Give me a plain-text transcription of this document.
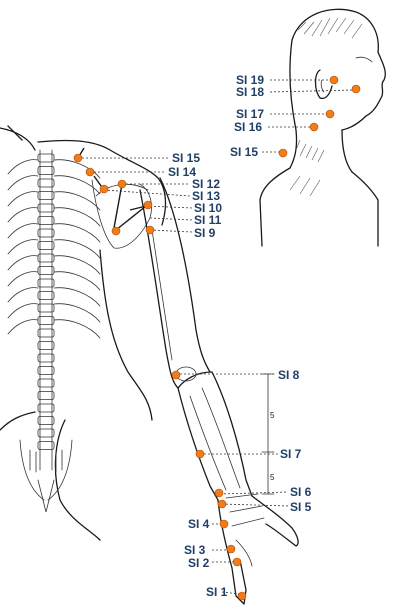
5
5
SI 1
SI 2
SI 3
SI 4
SI 5
SI 6
SI 7
SI 8
SI 9
SI 10
SI 11
SI 12
SI 13
SI 14
SI 15 SI 15
SI 16
SI 17
SI 18
SI 19
